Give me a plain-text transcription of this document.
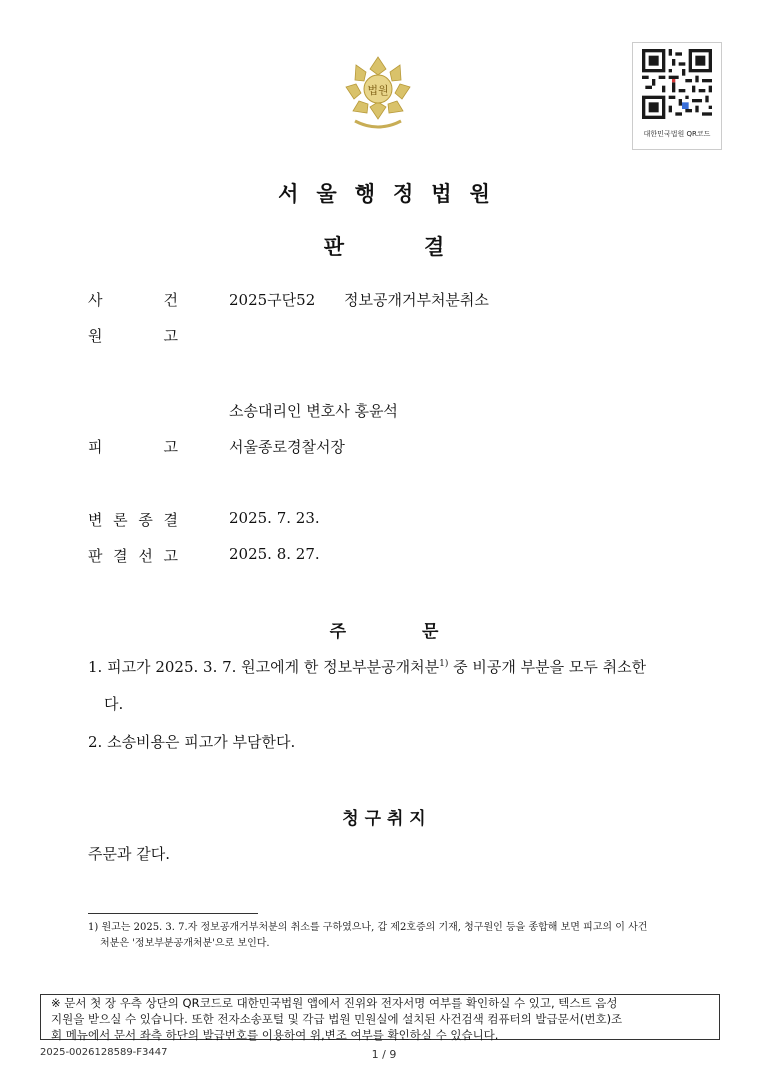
법원
대한민국법원 QR코드
서울행정법원
판	결
사	건	2025구단52 정보공개거부처분취소
원	고
소송대리인 변호사 홍윤석
피	고	서울종로경찰서장
변 론 종 결	2025. 7. 23.
판 결 선 고	2025. 8. 27.
주	문
1. 피고가 2025. 3. 7. 원고에게 한 정보부분공개처분$^{1)}$ 중 비공개 부분을 모두 취소한
다.
2. 소송비용은 피고가 부담한다.
청 구 취 지
주문과 같다.
1) 원고는 2025. 3. 7.자 정보공개거부처분의 취소를 구하였으나, 갑 제2호증의 기재, 청구원인 등을 종합해 보면 피고의 이 사건
처분은 '정보부분공개처분'으로 보인다.
※ 문서 첫 장 우측 상단의 QR코드로 대한민국법원 앱에서 진위와 전자서명 여부를 확인하실 수 있고, 텍스트 음성
지원을 받으실 수 있습니다. 또한 전자소송포털 및 각급 법원 민원실에 설치된 사건검색 컴퓨터의 발급문서(번호)조
회 메뉴에서 문서 좌측 하단의 발급번호를 이용하여 위,변조 여부를 확인하실 수 있습니다.
2025-0026128589-F3447	1 / 9
